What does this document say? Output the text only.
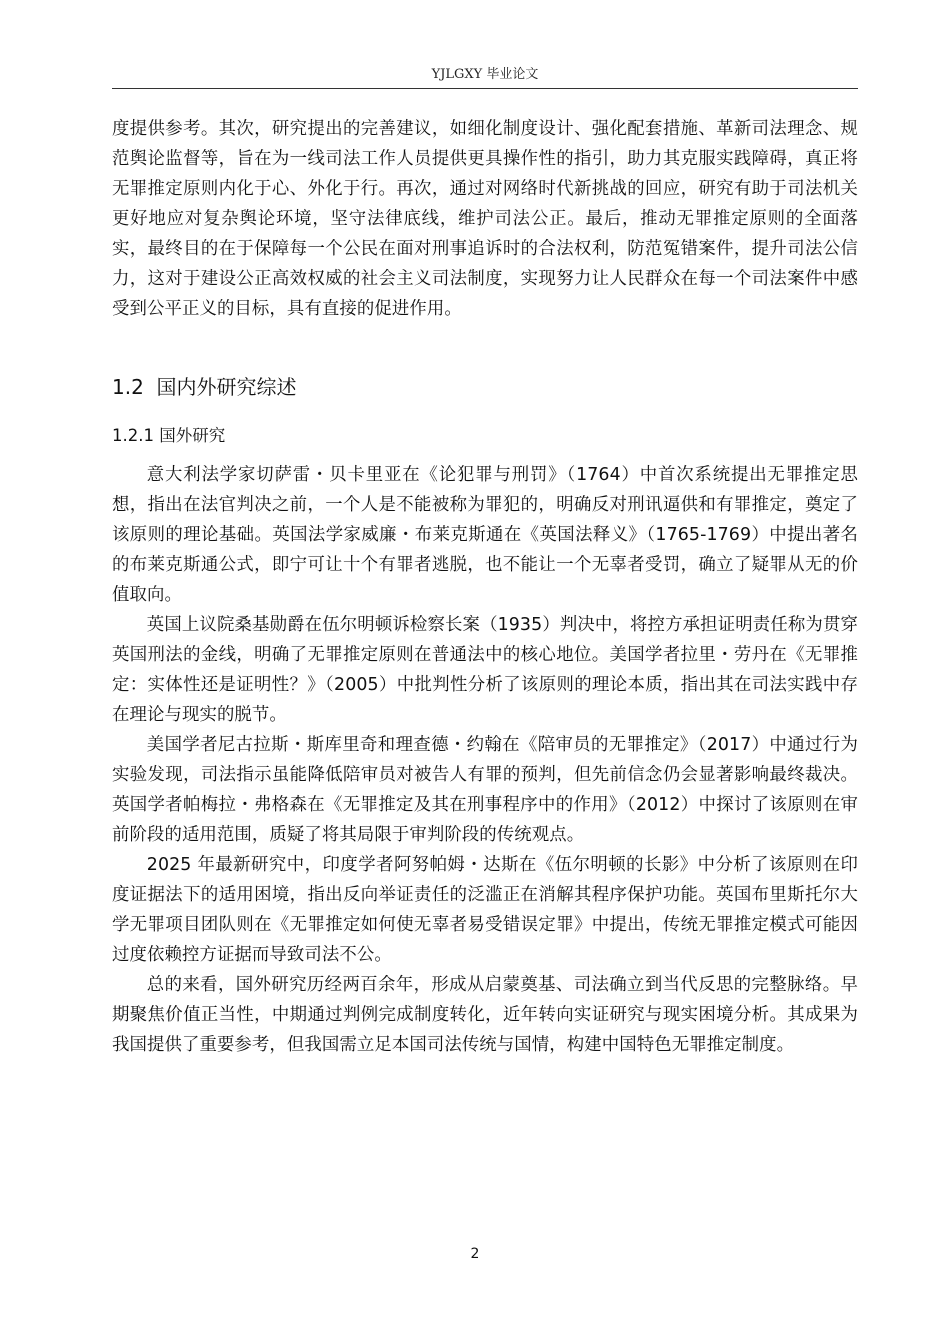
YJLGXY 毕业论文

度提供参考。其次，研究提出的完善建议，如细化制度设计、强化配套措施、革新司法理念、规范舆论监督等，旨在为一线司法工作人员提供更具操作性的指引，助力其克服实践障碍，真正将无罪推定原则内化于心、外化于行。再次，通过对网络时代新挑战的回应，研究有助于司法机关更好地应对复杂舆论环境，坚守法律底线，维护司法公正。最后，推动无罪推定原则的全面落实，最终目的在于保障每一个公民在面对刑事追诉时的合法权利，防范冤错案件，提升司法公信力，这对于建设公正高效权威的社会主义司法制度，实现努力让人民群众在每一个司法案件中感受到公平正义的目标，具有直接的促进作用。

1.2 国内外研究综述
1.2.1 国外研究

意大利法学家切萨雷・贝卡里亚在《论犯罪与刑罚》（1764）中首次系统提出无罪推定思想，指出在法官判决之前，一个人是不能被称为罪犯的，明确反对刑讯逼供和有罪推定，奠定了该原则的理论基础。英国法学家威廉・布莱克斯通在《英国法释义》（1765-1769）中提出著名的布莱克斯通公式，即宁可让十个有罪者逃脱，也不能让一个无辜者受罚，确立了疑罪从无的价值取向。

英国上议院桑基勋爵在伍尔明顿诉检察长案（1935）判决中，将控方承担证明责任称为贯穿英国刑法的金线，明确了无罪推定原则在普通法中的核心地位。美国学者拉里・劳丹在《无罪推定：实体性还是证明性？》（2005）中批判性分析了该原则的理论本质，指出其在司法实践中存在理论与现实的脱节。

美国学者尼古拉斯・斯库里奇和理查德・约翰在《陪审员的无罪推定》（2017）中通过行为实验发现，司法指示虽能降低陪审员对被告人有罪的预判，但先前信念仍会显著影响最终裁决。英国学者帕梅拉・弗格森在《无罪推定及其在刑事程序中的作用》（2012）中探讨了该原则在审前阶段的适用范围，质疑了将其局限于审判阶段的传统观点。

2025 年最新研究中，印度学者阿努帕姆・达斯在《伍尔明顿的长影》中分析了该原则在印度证据法下的适用困境，指出反向举证责任的泛滥正在消解其程序保护功能。英国布里斯托尔大学无罪项目团队则在《无罪推定如何使无辜者易受错误定罪》中提出，传统无罪推定模式可能因过度依赖控方证据而导致司法不公。

总的来看，国外研究历经两百余年，形成从启蒙奠基、司法确立到当代反思的完整脉络。早期聚焦价值正当性，中期通过判例完成制度转化，近年转向实证研究与现实困境分析。其成果为我国提供了重要参考，但我国需立足本国司法传统与国情，构建中国特色无罪推定制度。

2
